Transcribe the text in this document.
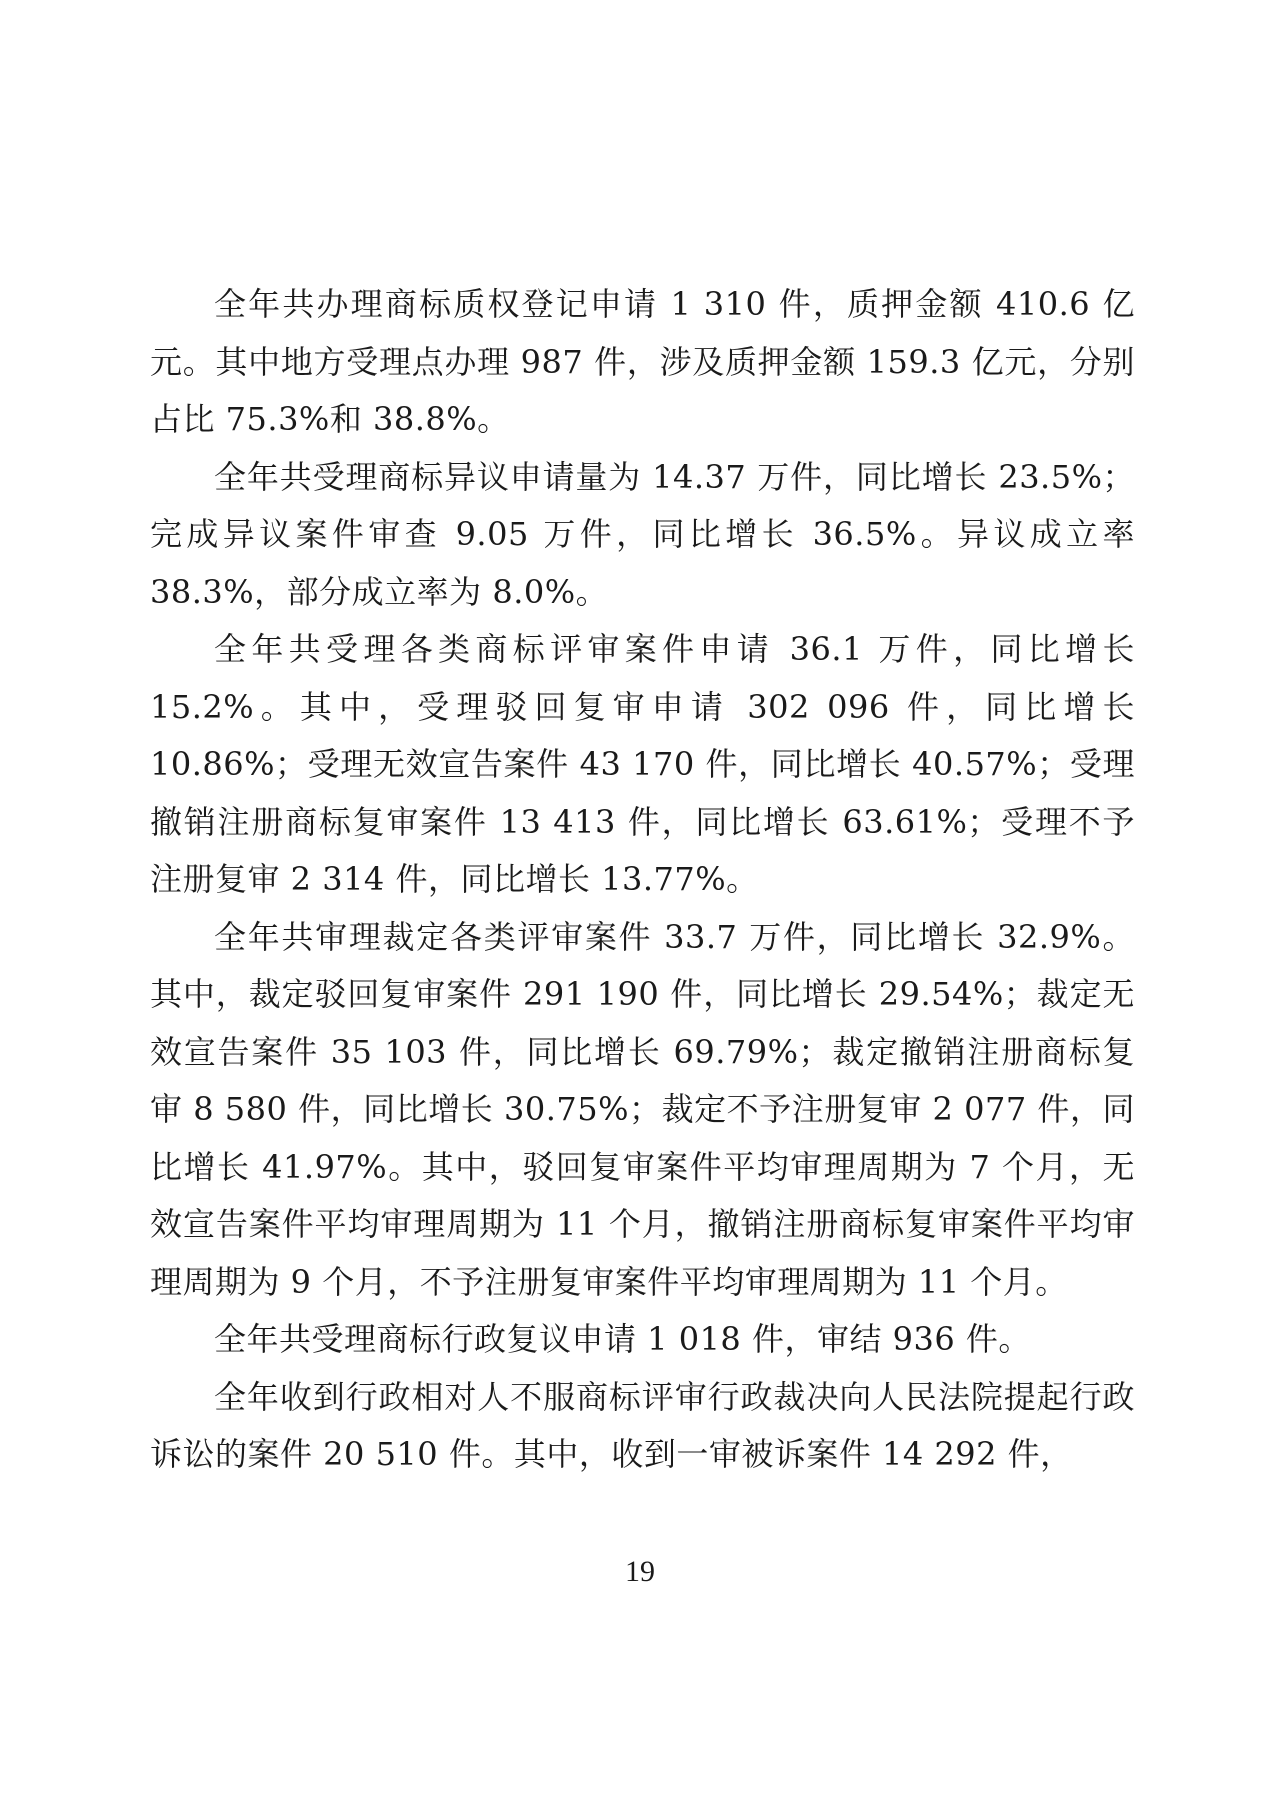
全年共办理商标质权登记申请 1 310 件，质押金额 410.6 亿元。其中地方受理点办理 987 件，涉及质押金额 159.3 亿元，分别占比 75.3%和 38.8%。

全年共受理商标异议申请量为 14.37 万件，同比增长 23.5%；完成异议案件审查 9.05 万件，同比增长 36.5%。异议成立率 38.3%，部分成立率为 8.0%。

全年共受理各类商标评审案件申请 36.1 万件，同比增长 15.2%。其中，受理驳回复审申请 302 096 件，同比增长 10.86%；受理无效宣告案件 43 170 件，同比增长 40.57%；受理撤销注册商标复审案件 13 413 件，同比增长 63.61%；受理不予注册复审 2 314 件，同比增长 13.77%。

全年共审理裁定各类评审案件 33.7 万件，同比增长 32.9%。其中，裁定驳回复审案件 291 190 件，同比增长 29.54%；裁定无效宣告案件 35 103 件，同比增长 69.79%；裁定撤销注册商标复审 8 580 件，同比增长 30.75%；裁定不予注册复审 2 077 件，同比增长 41.97%。其中，驳回复审案件平均审理周期为 7 个月，无效宣告案件平均审理周期为 11 个月，撤销注册商标复审案件平均审理周期为 9 个月，不予注册复审案件平均审理周期为 11 个月。

全年共受理商标行政复议申请 1 018 件，审结 936 件。

全年收到行政相对人不服商标评审行政裁决向人民法院提起行政诉讼的案件 20 510 件。其中，收到一审被诉案件 14 292 件，

19
